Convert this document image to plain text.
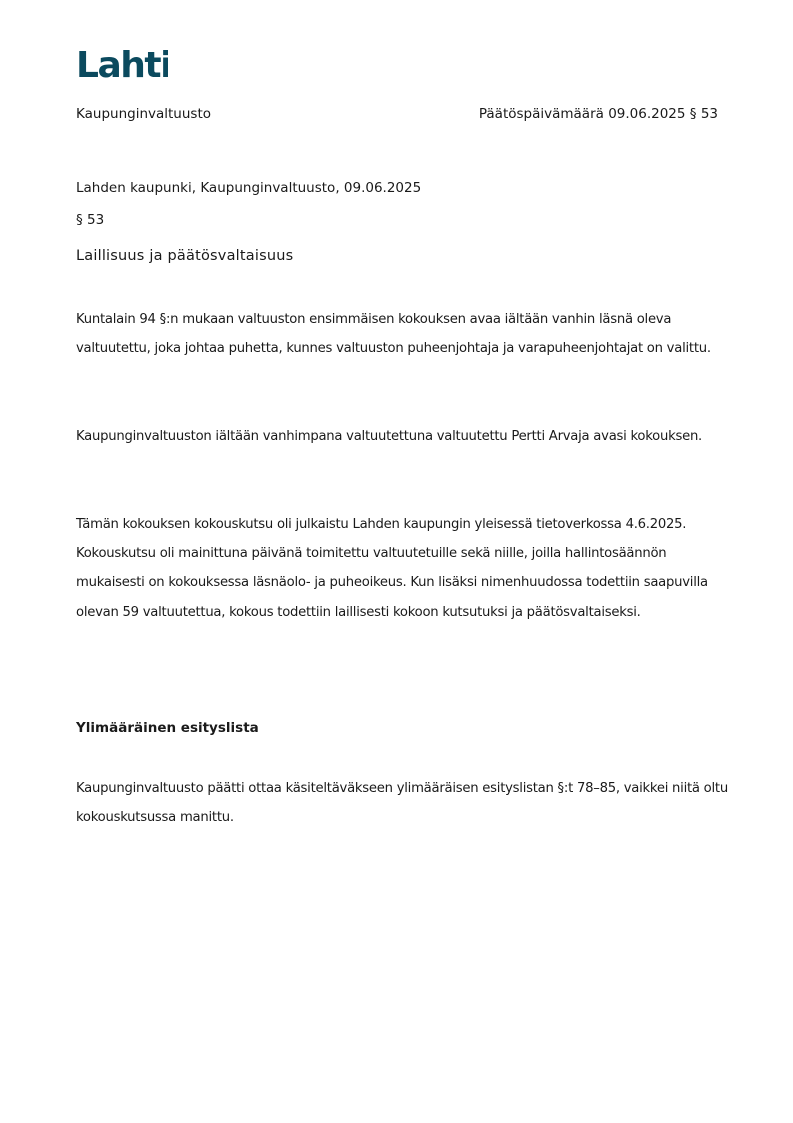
Lahti
Kaupunginvaltuusto	Päätöspäivämäärä 09.06.2025 § 53
Lahden kaupunki, Kaupunginvaltuusto, 09.06.2025
§ 53
Laillisuus ja päätösvaltaisuus

Kuntalain 94 §:n mukaan valtuuston ensimmäisen kokouksen avaa iältään vanhin läsnä oleva valtuutettu, joka johtaa puhetta, kunnes valtuuston puheenjohtaja ja varapuheenjohtajat on valittu.

Kaupunginvaltuuston iältään vanhimpana valtuutettuna valtuutettu Pertti Arvaja avasi kokouksen.

Tämän kokouksen kokouskutsu oli julkaistu Lahden kaupungin yleisessä tietoverkossa 4.6.2025. Kokouskutsu oli mainittuna päivänä toimitettu valtuutetuille sekä niille, joilla hallintosäännön mukaisesti on kokouksessa läsnäolo- ja puheoikeus. Kun lisäksi nimenhuudossa todettiin saapuvilla olevan 59 valtuutettua, kokous todettiin laillisesti kokoon kutsutuksi ja päätösvaltaiseksi.

Ylimääräinen esityslista

Kaupunginvaltuusto päätti ottaa käsiteltäväkseen ylimääräisen esityslistan §:t 78–85, vaikkei niitä oltu kokouskutsussa manittu.
